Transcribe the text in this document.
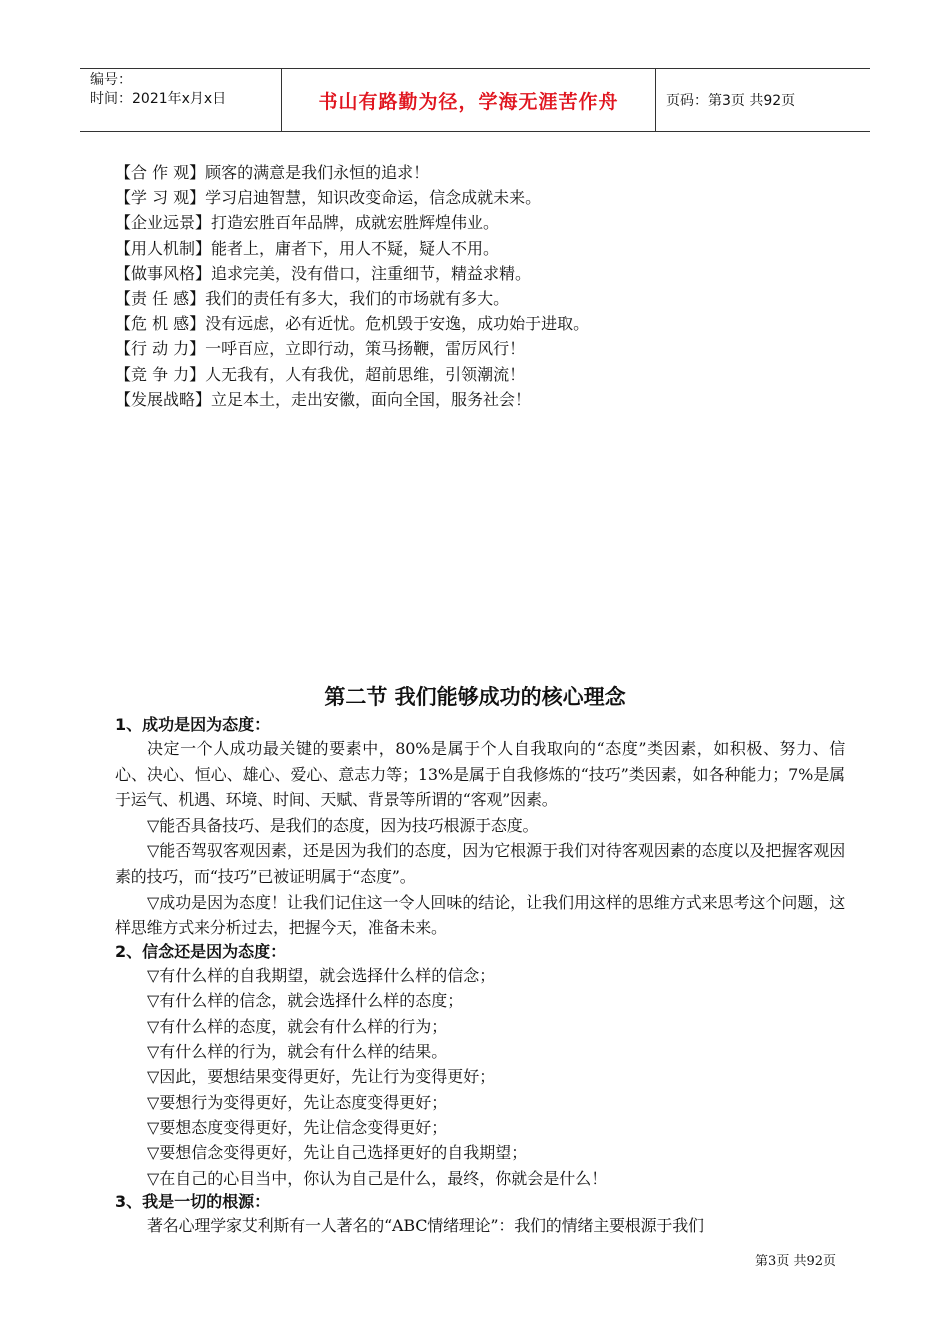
编号：
时间：2021年x月x日	书山有路勤为径，学海无涯苦作舟	页码：第3页 共92页
【合 作 观】顾客的满意是我们永恒的追求！
【学 习 观】学习启迪智慧，知识改变命运，信念成就未来。
【企业远景】打造宏胜百年品牌，成就宏胜辉煌伟业。
【用人机制】能者上，庸者下，用人不疑，疑人不用。
【做事风格】追求完美，没有借口，注重细节，精益求精。
【责 任 感】我们的责任有多大，我们的市场就有多大。
【危 机 感】没有远虑，必有近忧。危机毁于安逸，成功始于进取。
【行 动 力】一呼百应，立即行动，策马扬鞭，雷厉风行！
【竞 争 力】人无我有，人有我优，超前思维，引领潮流！
【发展战略】立足本土，走出安徽，面向全国，服务社会！
第二节 我们能够成功的核心理念
1、成功是因为态度：

决定一个人成功最关键的要素中，80%是属于个人自我取向的“态度”类因素，如积极、努力、信心、决心、恒心、雄心、爱心、意志力等；13%是属于自我修炼的“技巧”类因素，如各种能力；7%是属于运气、机遇、环境、时间、天赋、背景等所谓的“客观”因素。

▽能否具备技巧、是我们的态度，因为技巧根源于态度。

▽能否驾驭客观因素，还是因为我们的态度，因为它根源于我们对待客观因素的态度以及把握客观因素的技巧，而“技巧”已被证明属于“态度”。

▽成功是因为态度！让我们记住这一令人回味的结论，让我们用这样的思维方式来思考这个问题，这样思维方式来分析过去，把握今天，准备未来。

2、信念还是因为态度：
▽有什么样的自我期望，就会选择什么样的信念；
▽有什么样的信念，就会选择什么样的态度；
▽有什么样的态度，就会有什么样的行为；
▽有什么样的行为，就会有什么样的结果。
▽因此，要想结果变得更好，先让行为变得更好；
▽要想行为变得更好，先让态度变得更好；
▽要想态度变得更好，先让信念变得更好；
▽要想信念变得更好，先让自己选择更好的自我期望；
▽在自己的心目当中，你认为自己是什么，最终，你就会是什么！
3、我是一切的根源：

著名心理学家艾利斯有一人著名的“ABC情绪理论”：我们的情绪主要根源于我们

第3页 共92页
